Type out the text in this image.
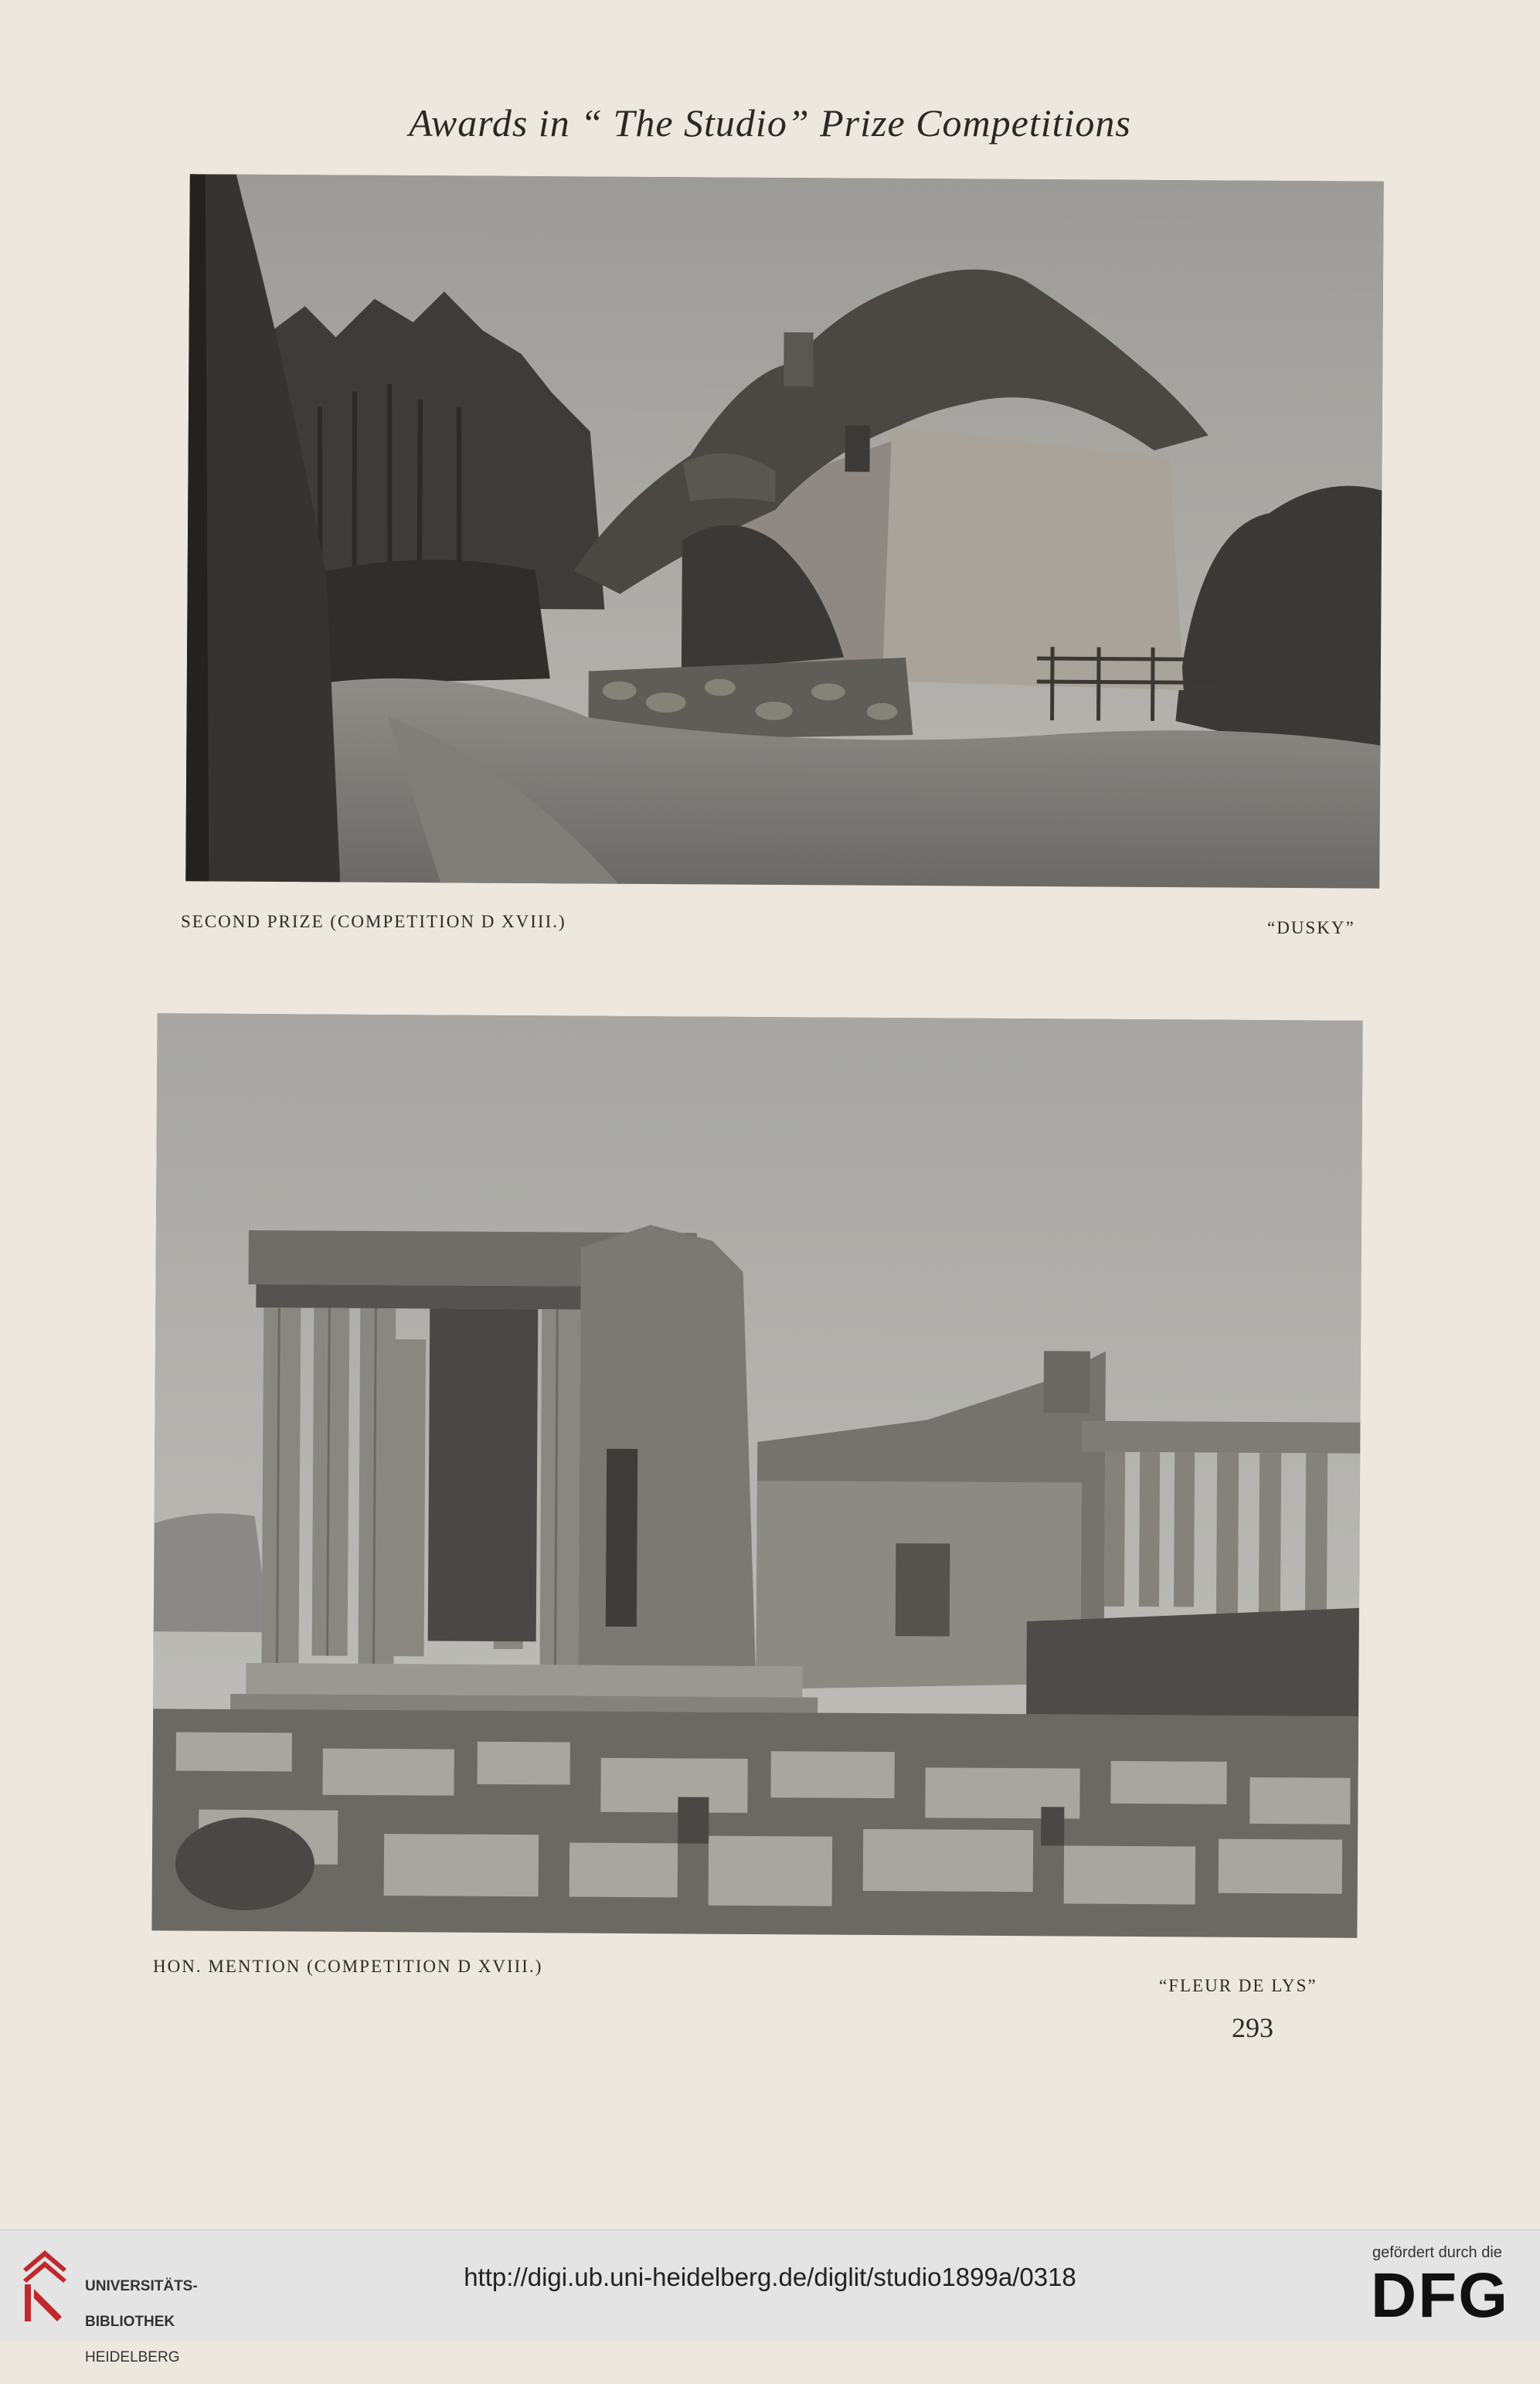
Awards in “ The Studio” Prize Competitions
SECOND PRIZE (COMPETITION D XVIII.)	“DUSKY”
HON. MENTION (COMPETITION D XVIII.)
“FLEUR DE LYS”
293

UNIVERSITÄTS-

BIBLIOTHEK

HEIDELBERG

http://digi.ub.uni-heidelberg.de/diglit/studio1899a/0318
gefördert durch die
DFG
